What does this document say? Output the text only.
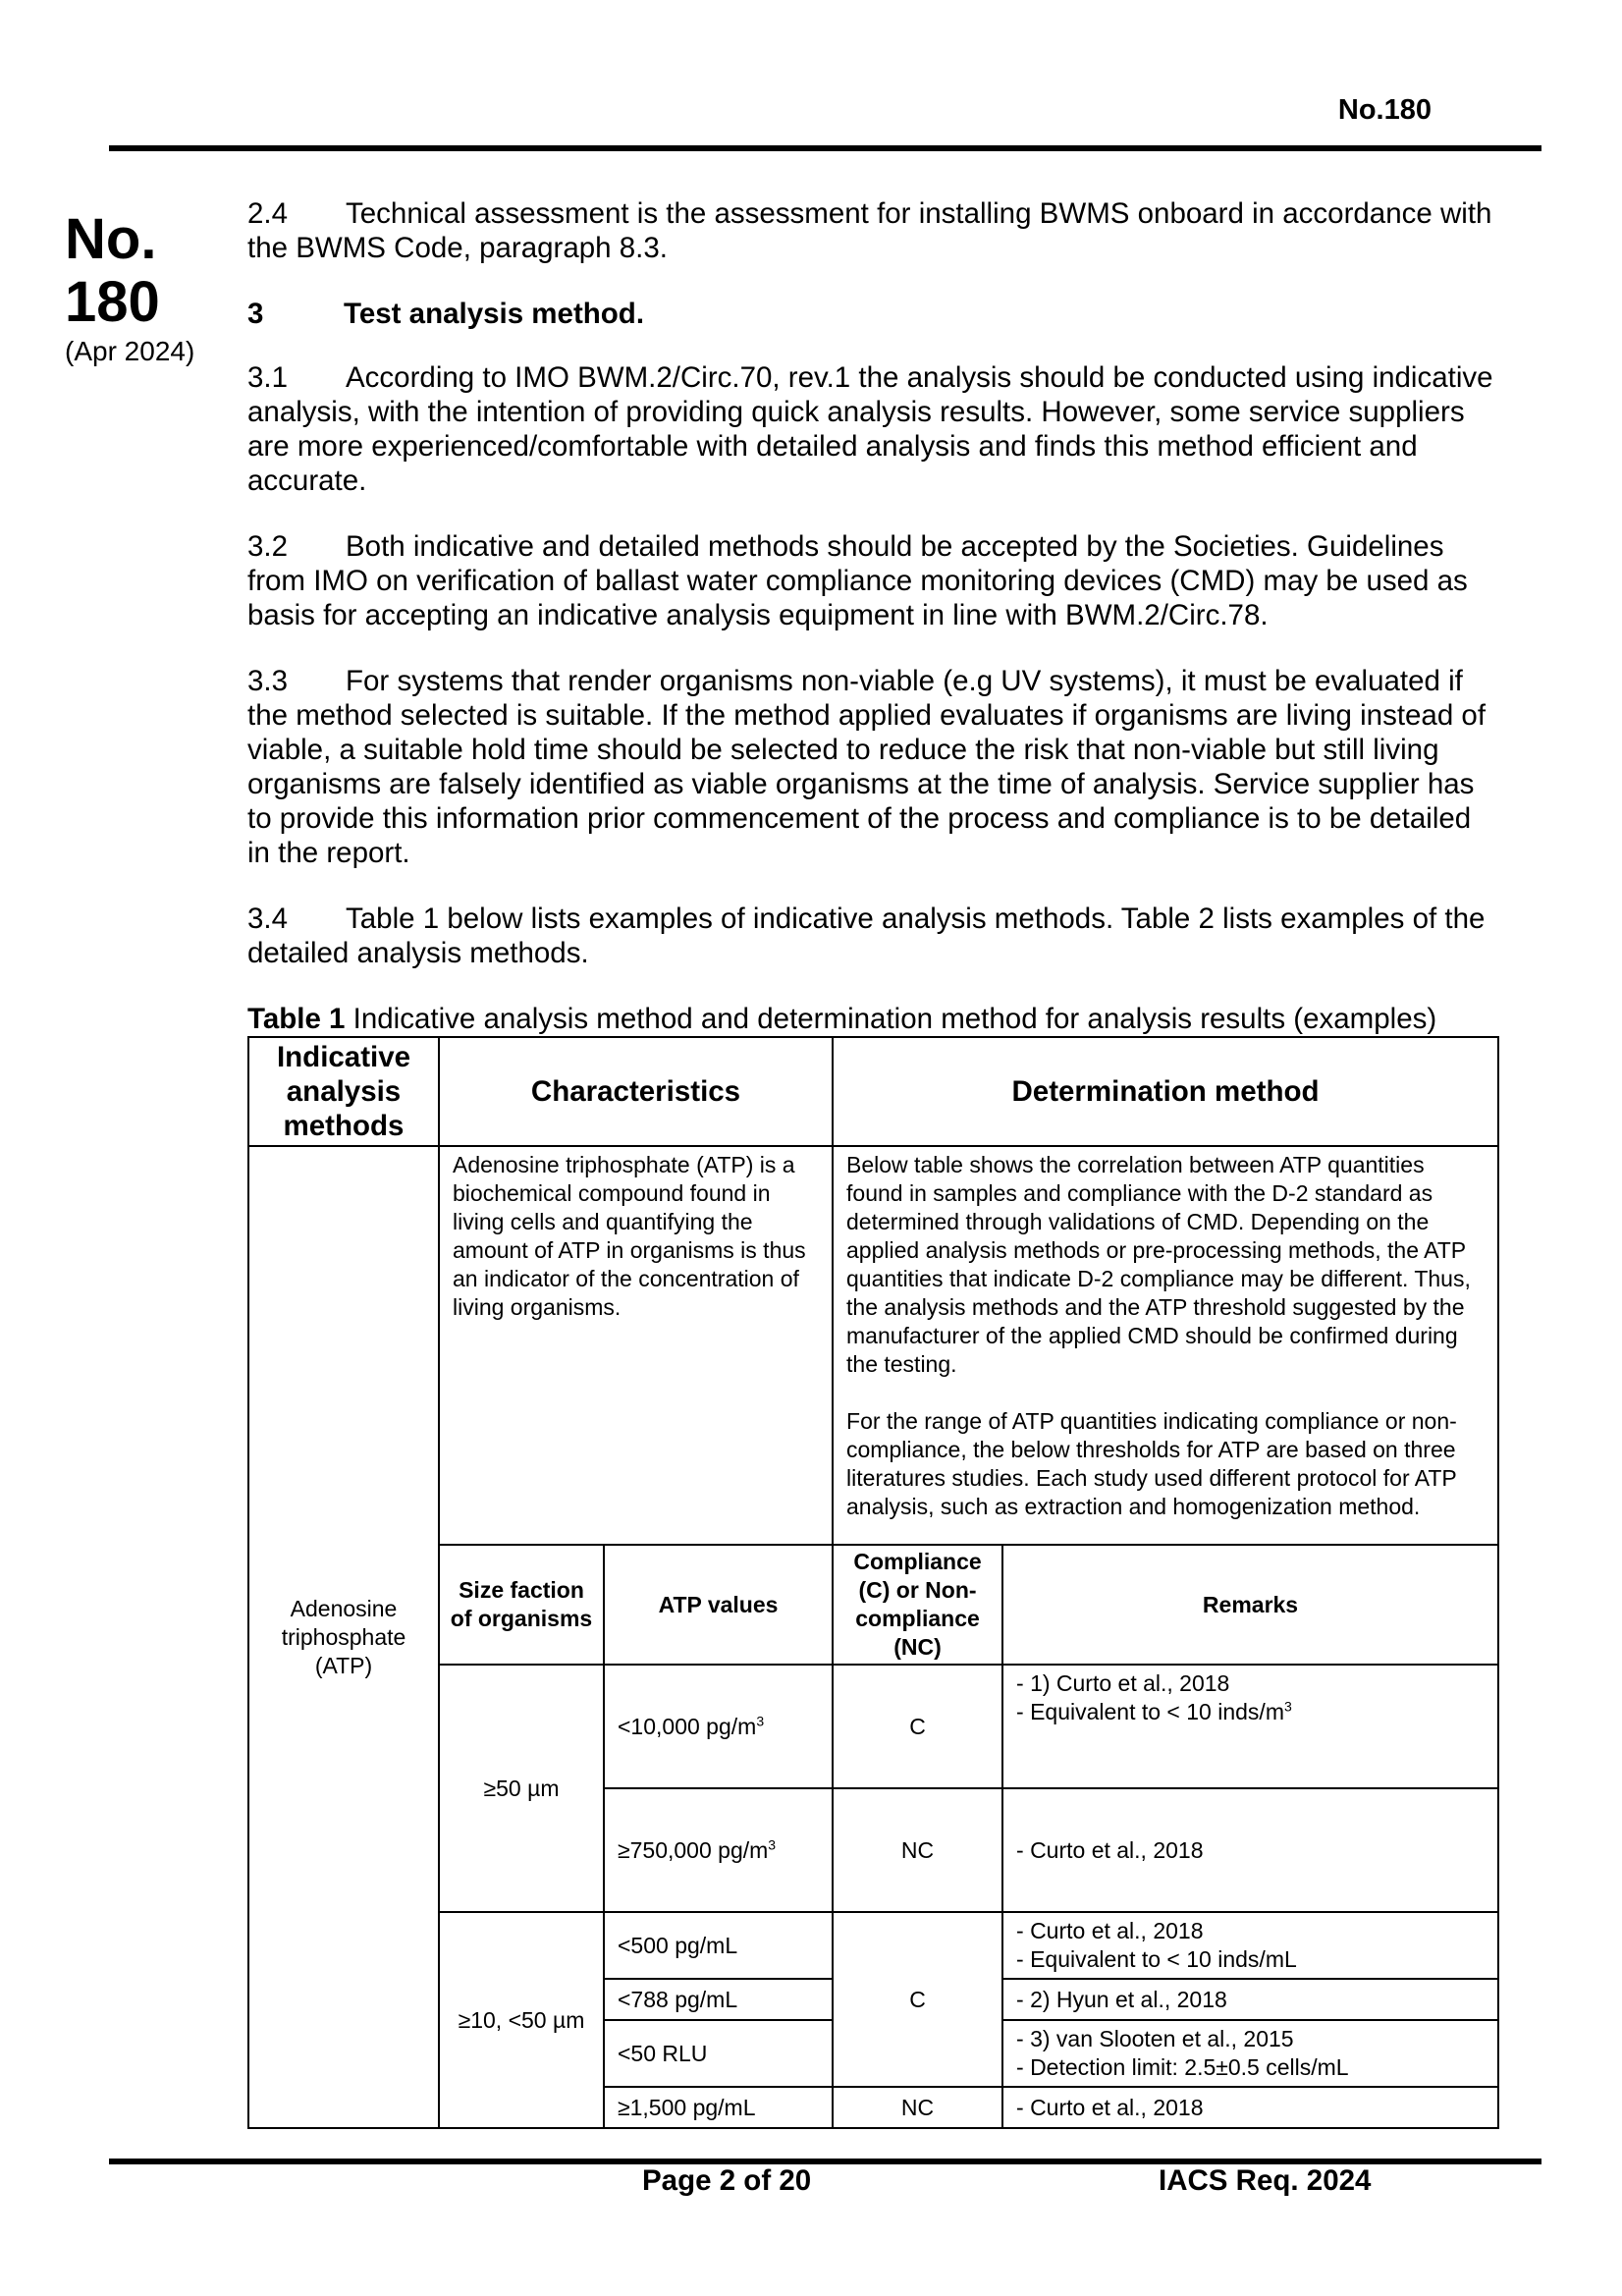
No.180
No.
180
(Apr 2024)

2.4 Technical assessment is the assessment for installing BWMS onboard in accordance with the BWMS Code, paragraph 8.3.

3	Test analysis method.

3.1 According to IMO BWM.2/Circ.70, rev.1 the analysis should be conducted using indicative analysis, with the intention of providing quick analysis results. However, some service suppliers are more experienced/comfortable with detailed analysis and finds this method efficient and accurate.

3.2 Both indicative and detailed methods should be accepted by the Societies. Guidelines from IMO on verification of ballast water compliance monitoring devices (CMD) may be used as basis for accepting an indicative analysis equipment in line with BWM.2/Circ.78.

3.3 For systems that render organisms non-viable (e.g UV systems), it must be evaluated if the method selected is suitable. If the method applied evaluates if organisms are living instead of viable, a suitable hold time should be selected to reduce the risk that non-viable but still living organisms are falsely identified as viable organisms at the time of analysis. Service supplier has to provide this information prior commencement of the process and compliance is to be detailed in the report.

3.4 Table 1 below lists examples of indicative analysis methods. Table 2 lists examples of the detailed analysis methods.

Table 1 Indicative analysis method and determination method for analysis results (examples)

Indicative analysis methods	Characteristics		Determination method	
Adenosine triphosphate (ATP)	Adenosine triphosphate (ATP) is a biochemical compound found in living cells and quantifying the amount of ATP in organisms is thus an indicator of the concentration of living organisms.		Below table shows the correlation between ATP quantities found in samples and compliance with the D-2 standard as determined through validations of CMD. Depending on the applied analysis methods or pre-processing methods, the ATP quantities that indicate D-2 compliance may be different. Thus, the analysis methods and the ATP threshold suggested by the manufacturer of the applied CMD should be confirmed during the testing.
For the range of ATP quantities indicating compliance or non-compliance, the below thresholds for ATP are based on three literatures studies. Each study used different protocol for ATP analysis, such as extraction and homogenization method.	

	Size faction of organisms	ATP values	Compliance (C) or Non-compliance (NC)	Remarks
	≥50 µm	<10,000 $pg/m^3$	C	- 1) Curto et al., 2018
- Equivalent to < 10 inds/$m^3$

		≥750,000 $pg/m^3$	NC	- Curto et al., 2018
	≥10, <50 µm	<500 pg/mL	C	- Curto et al., 2018
- Equivalent to < 10 inds/mL

		<788 pg/mL		- 2) Hyun et al., 2018
		<50 RLU		- 3) van Slooten et al., 2015
- Detection limit: 2.5±0.5 cells/mL

		≥1,500 pg/mL	NC	- Curto et al., 2018
Page 2 of 20	IACS Req. 2024
